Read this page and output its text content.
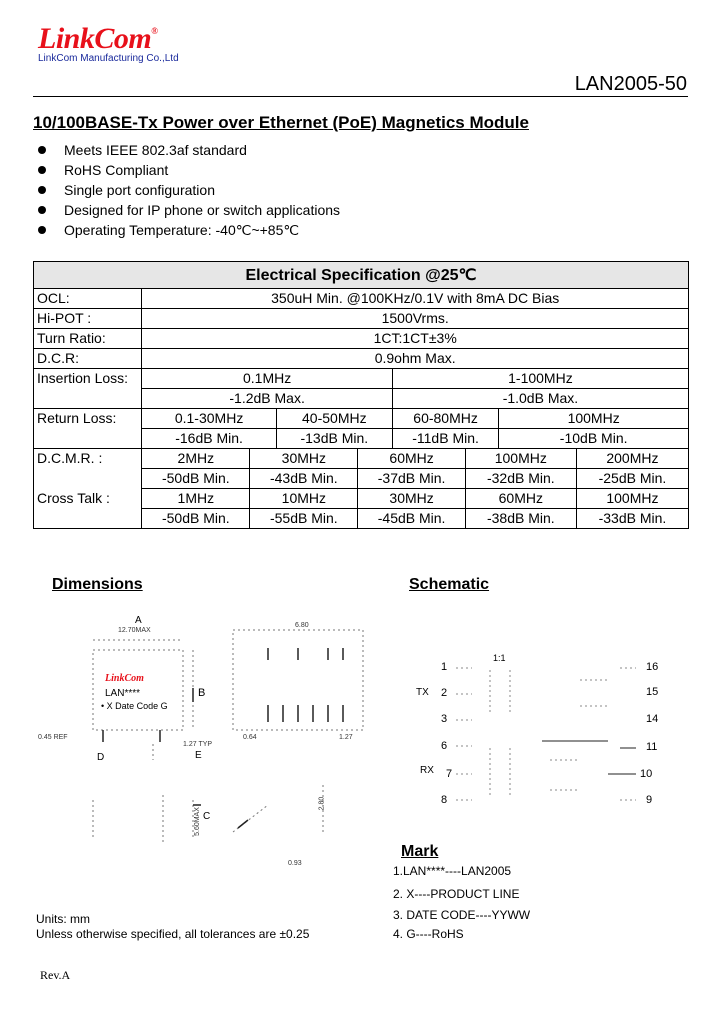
LinkCom®
LinkCom Manufacturing Co.,Ltd
LAN2005-50
10/100BASE-Tx Power over Ethernet (PoE) Magnetics Module
Meets IEEE 802.3af standard
RoHS Compliant
Single port configuration
Designed for IP phone or switch applications
Operating Temperature: -40℃~+85℃
Electrical Specification @25℃								
OCL:	350uH Min. @100KHz/0.1V with 8mA DC Bias							
Hi-POT :	1500Vrms.							
Turn Ratio:	1CT:1CT±3%							
D.C.R:	0.9ohm Max.							
Insertion Loss:	0.1MHz				1-100MHz			
	-1.2dB Max.				-1.0dB Max.			
Return Loss:	0.1-30MHz		40-50MHz		60-80MHz		100MHz	
	-16dB Min.		-13dB Min.		-11dB Min.		-10dB Min.	
D.C.M.R. :	2MHz	30MHz		60MHz		100MHz		200MHz
	-50dB Min.	-43dB Min.		-37dB Min.		-32dB Min.		-25dB Min.
Cross Talk :	1MHz	10MHz		30MHz		60MHz		100MHz
	-50dB Min.	-55dB Min.		-45dB Min.		-38dB Min.		-33dB Min.
Dimensions	Schematic
A
12.70MAX
6.80
LinkCom
LAN****
• X Date Code G
B
0.45 REF
1.27 TYP
0.64	1.27
D	E
C
5.60MAX
2.80
0.93
1:1
1
2
3
6
7
8
TX
RX
16
15
14
11
10
9
Mark
1.LAN****----LAN2005
2. X----PRODUCT LINE
3. DATE CODE----YYWW
4. G----RoHS
Units: mm
Unless otherwise specified, all tolerances are ±0.25
Rev.A
